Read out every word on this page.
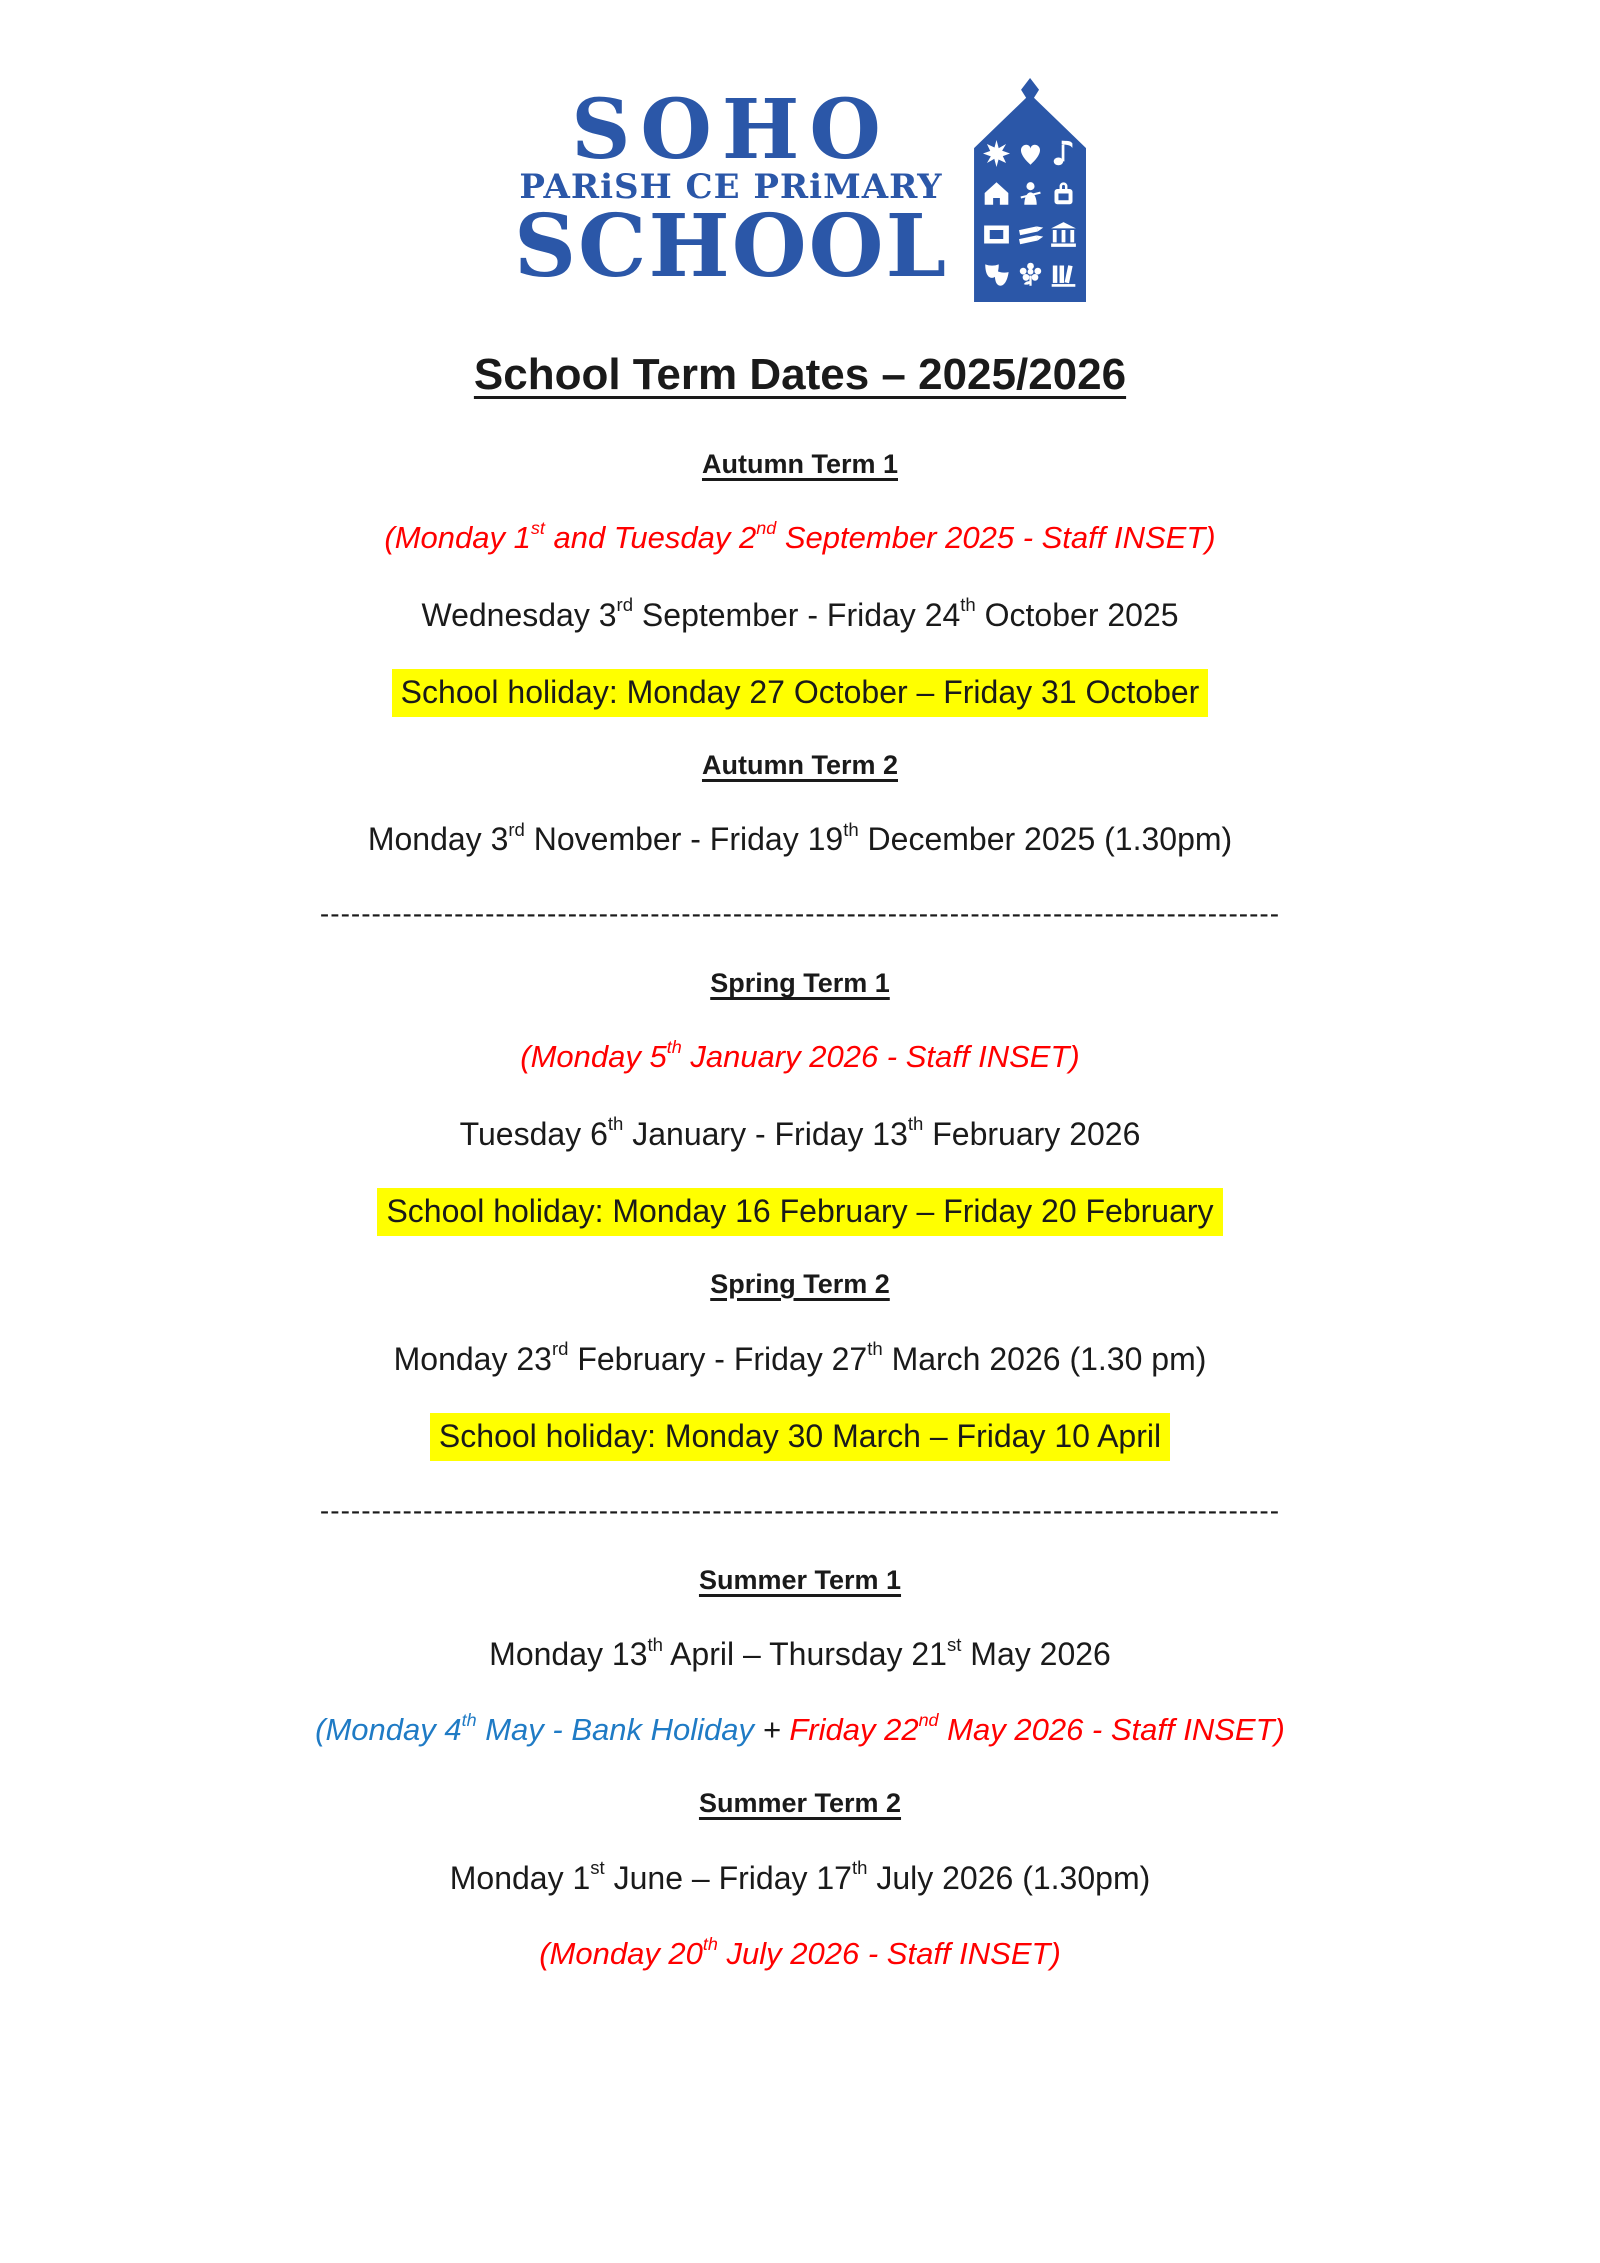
SOHO
PARiSH CE PRiMARY
SCHOOL
School Term Dates – 2025/2026

Autumn Term 1

(Monday 1st and Tuesday 2nd September 2025 - Staff INSET)

Wednesday 3rd September - Friday 24th October 2025

School holiday: Monday 27 October – Friday 31 October

Autumn Term 2

Monday 3rd November - Friday 19th December 2025 (1.30pm)

---------------------------------------------------------------------------------------------

Spring Term 1

(Monday 5th January 2026 - Staff INSET)

Tuesday 6th January - Friday 13th February 2026

School holiday: Monday 16 February – Friday 20 February

Spring Term 2

Monday 23rd February - Friday 27th March 2026 (1.30 pm)

School holiday: Monday 30 March – Friday 10 April

---------------------------------------------------------------------------------------------

Summer Term 1

Monday 13th April – Thursday 21st May 2026

(Monday 4th May - Bank Holiday + Friday 22nd May 2026 - Staff INSET)

Summer Term 2

Monday 1st June – Friday 17th July 2026 (1.30pm)

(Monday 20th July 2026 - Staff INSET)
